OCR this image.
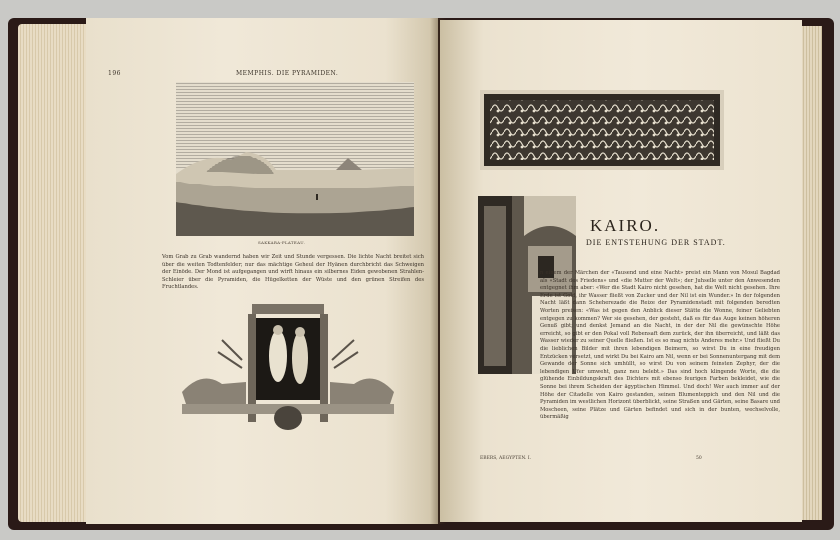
196	MEMPHIS. DIE PYRAMIDEN.
SAKKARA-PLATEAU.
Vom Grab zu Grab wandernd haben wir Zeit und Stunde vergessen. Die lichte Nacht breitet sich über die weiten Todtenfelder; nur das mächtige Geheul der Hyänen durchbricht das Schweigen der Einöde. Der Mond ist aufgegangen und wirft hinaus ein silbernes Eiden gewobenen Strahlen-Schleier über die Pyramiden, die Hügelketten der Wüste und den grünen Streifen des Fruchtlandes.
KAIRO.
DIE ENTSTEHUNG DER STADT.
n einem der Märchen der «Tausend und eine Nacht» preist ein Mann von Mosul Bagdad als «Stadt des Friedens» und «die Mutter der Welt»; der Juhselle unter den Anwesenden entgegnet ihm aber: «Wer die Stadt Kairo nicht gesehen, hat die Welt nicht gesehen. Ihre Erde ist Gold, ihr Wasser fließt von Zucker und der Nil ist ein Wunder.» In der folgenden Nacht läßt dann Scheherezade die Reize der Pyramidenstadt mit folgenden beredten Worten preisen: «Was ist gegen den Anblick dieser Stätte die Wonne, feiner Geliebten entgegen zu kommen? Wer sie gesehen, der gesteht, daß es für das Auge keinen höheren Genuß gibt; und denkst Jemand an die Nacht, in der der Nil die gewünschte Höhe erreicht, so gibt er den Pokal voll Rebensaft dem zurück, der ihn überreicht, und läßt das Wasser wieder zu seiner Quelle fließen. Ist es so mag nichts Anderes mehr.» Und fließt Du die lieblichen Bilder mit ihren lebendigen Beimern, so wirst Du in eine freudigen Entzücken versetzt, und wirkt Du bei Kairo am Nil, wenn er bei Sonnenuntergang mit dem Gewande der Sonne sich umhüllt, so wirst Du von seinem feinsten Zephyr, der die lebendigen Ufer umweht, ganz neu belebt.» Das sind hoch klingende Worte, die die glühende Einbildungskraft des Dichters mit ebenso feurigen Farben bekleidet, wie die Sonne bei ihrem Scheiden der ägyptischen Himmel. Und doch! Wer auch immer auf der Höhe der Citadelle von Kairo gestanden, seinen Blumenteppich und den Nil und die Pyramiden im westlichen Horizont überblickt, seine Straßen und Gärten, seine Basare und Moscheen, seine Plätze und Gärten befindet und sich in der bunten, wechselvolle, übermäßig
EBERS, AEGYPTEN. I.	50
